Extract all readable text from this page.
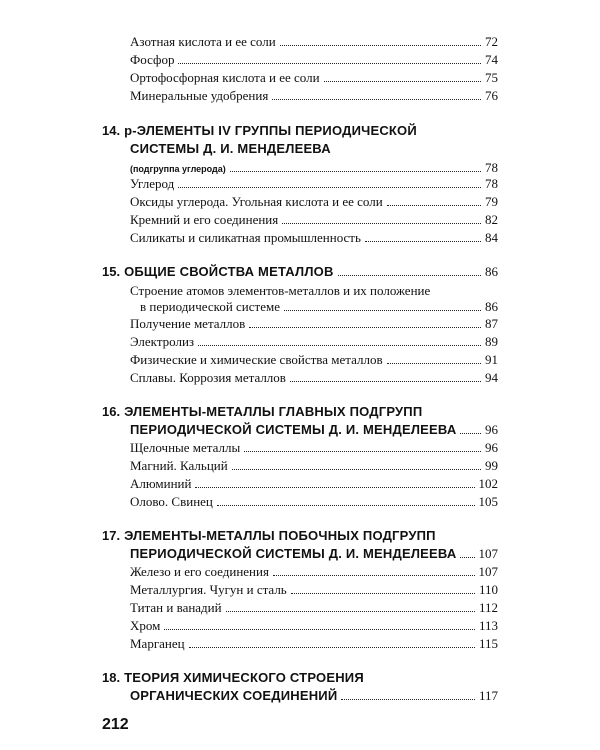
Азотная кислота и ее соли	72
Фосфор	74
Ортофосфорная кислота и ее соли	75
Минеральные удобрения	76
14. p-ЭЛЕМЕНТЫ IV ГРУППЫ ПЕРИОДИЧЕСКОЙ
СИСТЕМЫ Д. И. МЕНДЕЛЕЕВА
(подгруппа углерода)	78
Углерод	78
Оксиды углерода. Угольная кислота и ее соли	79
Кремний и его соединения	82
Силикаты и силикатная промышленность	84
15. ОБЩИЕ СВОЙСТВА МЕТАЛЛОВ	86
Строение атомов элементов-металлов и их положение
в периодической системе	86
Получение металлов	87
Электролиз	89
Физические и химические свойства металлов	91
Сплавы. Коррозия металлов	94
16. ЭЛЕМЕНТЫ-МЕТАЛЛЫ ГЛАВНЫХ ПОДГРУПП
ПЕРИОДИЧЕСКОЙ СИСТЕМЫ Д. И. МЕНДЕЛЕЕВА 96
Щелочные металлы	96
Магний. Кальций	99
Алюминий	102
Олово. Свинец	105
17. ЭЛЕМЕНТЫ-МЕТАЛЛЫ ПОБОЧНЫХ ПОДГРУПП
ПЕРИОДИЧЕСКОЙ СИСТЕМЫ Д. И. МЕНДЕЛЕЕВА 107
Железо и его соединения	107
Металлургия. Чугун и сталь	110
Титан и ванадий	112
Хром	113
Марганец	115
18. ТЕОРИЯ ХИМИЧЕСКОГО СТРОЕНИЯ
ОРГАНИЧЕСКИХ СОЕДИНЕНИЙ	117
212
